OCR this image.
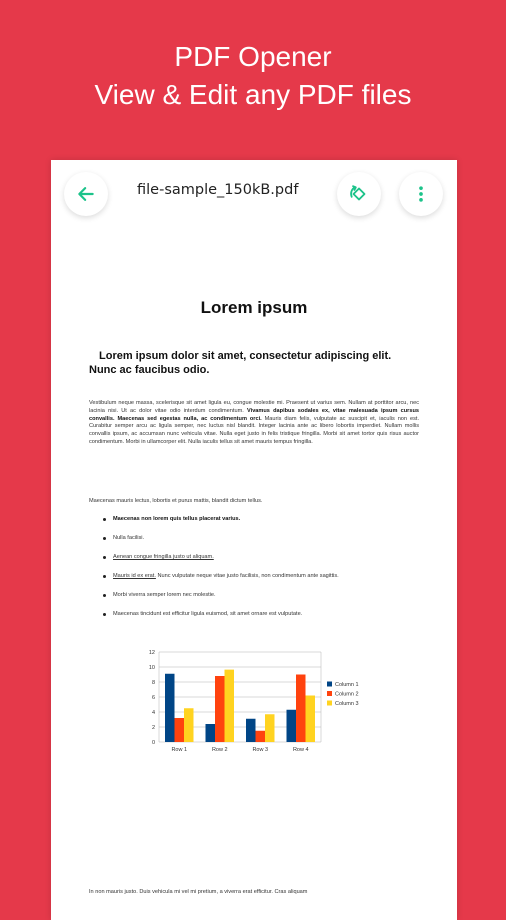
PDF Opener
View & Edit any PDF files
file-sample_150kB.pdf
Lorem ipsum
Lorem ipsum dolor sit amet, consectetur adipiscing elit. Nunc ac faucibus odio.
Vestibulum neque massa, scelerisque sit amet ligula eu, congue molestie mi. Praesent ut varius sem. Nullam at porttitor arcu, nec lacinia nisi. Ut ac dolor vitae odio interdum condimentum. Vivamus dapibus sodales ex, vitae malesuada ipsum cursus convallis. Maecenas sed egestas nulla, ac condimentum orci. Mauris diam felis, vulputate ac suscipit et, iaculis non est. Curabitur semper arcu ac ligula semper, nec luctus nisl blandit. Integer lacinia ante ac libero lobortis imperdiet. Nullam mollis convallis ipsum, ac accumsan nunc vehicula vitae. Nulla eget justo in felis tristique fringilla. Morbi sit amet tortor quis risus auctor condimentum. Morbi in ullamcorper elit. Nulla iaculis tellus sit amet mauris tempus fringilla.
Maecenas mauris lectus, lobortis et purus mattis, blandit dictum tellus.
Maecenas non lorem quis tellus placerat varius.
Nulla facilisi.
Aenean congue fringilla justo ut aliquam.
Mauris id ex erat. Nunc vulputate neque vitae justo facilisis, non condimentum ante sagittis.
Morbi viverra semper lorem nec molestie.
Maecenas tincidunt est efficitur ligula euismod, sit amet ornare est vulputate.
0
2
4
6
8
10
12
Row 1	Row 2	Row 3	Row 4
Column 1
Column 2
Column 3
In non mauris justo. Duis vehicula mi vel mi pretium, a viverra erat efficitur. Cras aliquam
